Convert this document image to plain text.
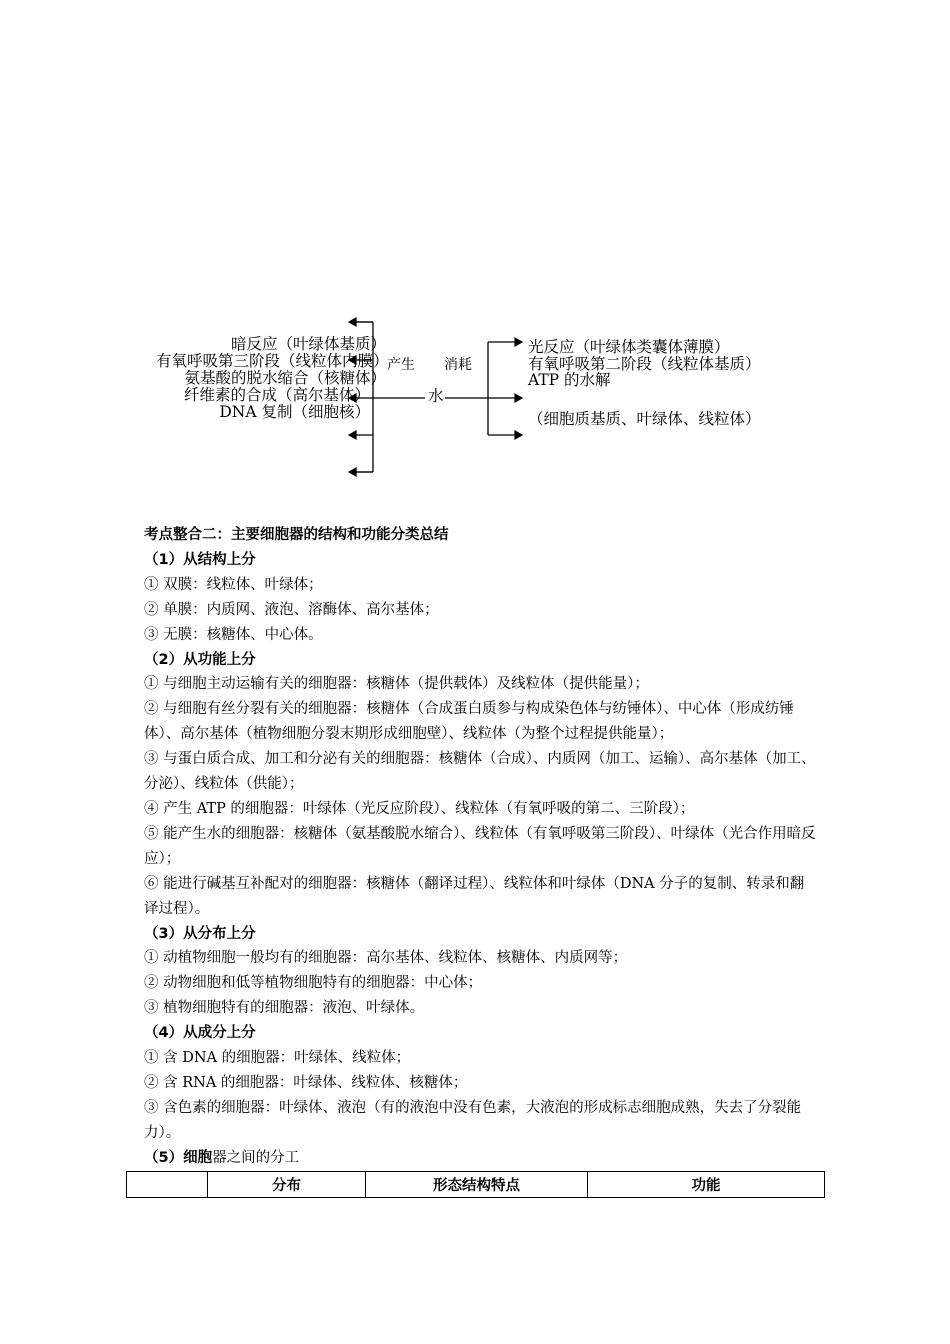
暗反应（叶绿体基质）
有氧呼吸第三阶段（线粒体内膜）
氨基酸的脱水缩合（核糖体）
纤维素的合成（高尔基体）
DNA 复制（细胞核）
产生 消耗
水
光反应（叶绿体类囊体薄膜）
有氧呼吸第二阶段（线粒体基质）
ATP 的水解
（细胞质基质、叶绿体、线粒体）
考点整合二：主要细胞器的结构和功能分类总结
（1）从结构上分
① 双膜：线粒体、叶绿体；
② 单膜：内质网、液泡、溶酶体、高尔基体；
③ 无膜：核糖体、中心体。
（2）从功能上分
① 与细胞主动运输有关的细胞器：核糖体（提供载体）及线粒体（提供能量）；
② 与细胞有丝分裂有关的细胞器：核糖体（合成蛋白质参与构成染色体与纺锤体）、中心体（形成纺锤体）、高尔基体（植物细胞分裂末期形成细胞壁）、线粒体（为整个过程提供能量）；
③ 与蛋白质合成、加工和分泌有关的细胞器：核糖体（合成）、内质网（加工、运输）、高尔基体（加工、分泌）、线粒体（供能）；
④ 产生 ATP 的细胞器：叶绿体（光反应阶段）、线粒体（有氧呼吸的第二、三阶段）；
⑤ 能产生水的细胞器：核糖体（氨基酸脱水缩合）、线粒体（有氧呼吸第三阶段）、叶绿体（光合作用暗反应）；
⑥ 能进行碱基互补配对的细胞器：核糖体（翻译过程）、线粒体和叶绿体（DNA 分子的复制、转录和翻译过程）。
（3）从分布上分
① 动植物细胞一般均有的细胞器：高尔基体、线粒体、核糖体、内质网等；
② 动物细胞和低等植物细胞特有的细胞器：中心体；
③ 植物细胞特有的细胞器：液泡、叶绿体。
（4）从成分上分
① 含 DNA 的细胞器：叶绿体、线粒体；
② 含 RNA 的细胞器：叶绿体、线粒体、核糖体；
③ 含色素的细胞器：叶绿体、液泡（有的液泡中没有色素，大液泡的形成标志细胞成熟，失去了分裂能力）。
（5）细胞器之间的分工
	分布	形态结构特点	功能
